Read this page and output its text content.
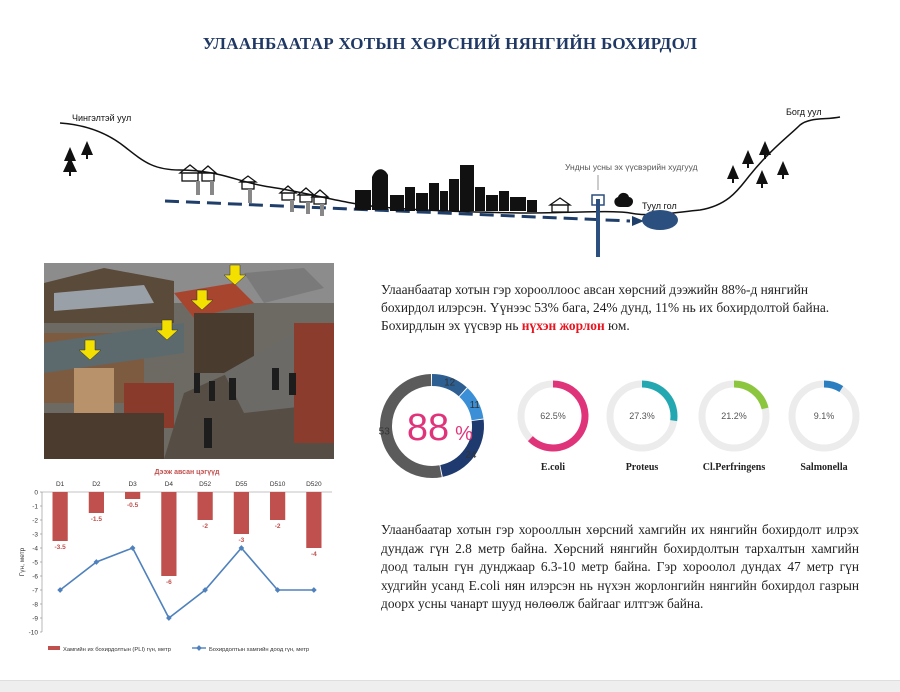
УЛААНБААТАР ХОТЫН ХӨРСНИЙ НЯНГИЙН БОХИРДОЛ
Чингэлтэй уул
Богд уул
Ундны усны эх үүсвэрийн худгууд
Туул гол
Улаанбаатар хотын гэр хорооллоос авсан хөрсний дээжийн 88%-д нянгийн
бохирдол илэрсэн. Үүнээс 53% бага, 24% дунд, 11% нь их бохирдолтой байна.
Бохирдлын эх үүсвэр нь нүхэн жорлон юм.
53
12
11
24
88 %
62.5%
E.coli
27.3%
Proteus
21.2%
Cl.Perfringens
9.1%
Salmonella
Улаанбаатар хотын гэр хорооллын хөрсний хамгийн их нянгийн бохирдолт илрэх дундаж гүн 2.8 метр байна. Хөрсний нянгийн бохирдолтын тархалтын хамгийн доод талын гүн дунджаар 6.3-10 метр байна. Гэр хороолол дундах 47 метр гүн худгийн усанд E.coli нян илэрсэн нь нүхэн жорлонгийн нянгийн бохирдол газрын доорх усны чанарт шууд нөлөөлж байгааг илтгэж байна.
Дээж авсан цэгүүд
0
-1
-2
-3
-4
-5
-6
-7
-8
-9
-10
Гүн, метр
D1	D2	D3	D4	D52	D55	D510	D520
-3.5
-1.5
-0.5
-6
-2
-3
-2
-4
Хамгийн их бохирдолтын (PLI) гүн, метр	Бохирдолтын хамгийн доод гүн, метр
